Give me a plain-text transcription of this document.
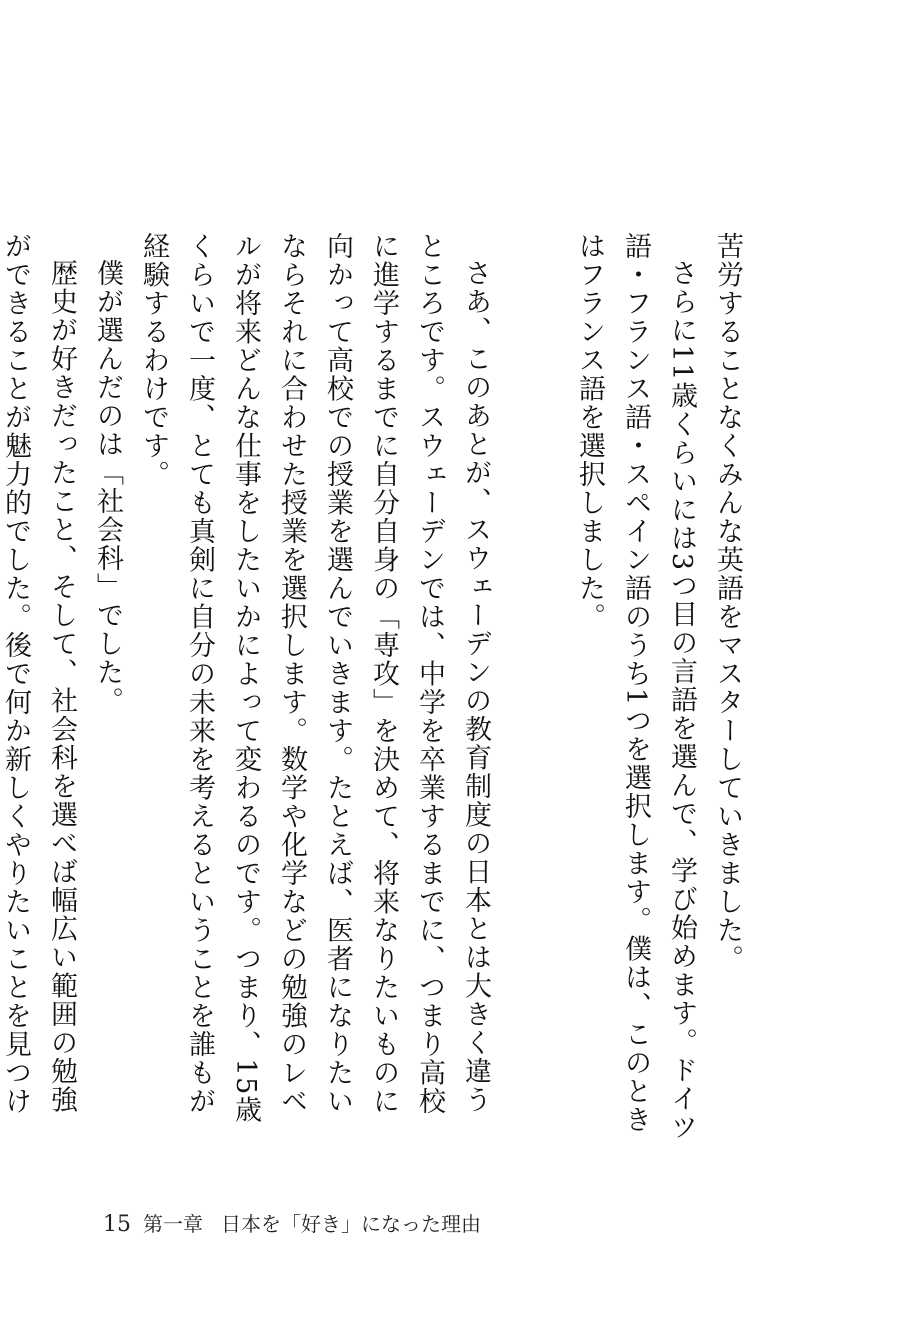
苦労することなくみんな英語をマスターしていきました。

さらに11歳くらいには3つ目の言語を選んで、学び始めます。ドイツ語・フランス語・スペイン語のうち1つを選択します。僕は、このときはフランス語を選択しました。

さあ、このあとが、スウェーデンの教育制度の日本とは大きく違うところです。スウェーデンでは、中学を卒業するまでに、つまり高校に進学するまでに自分自身の「専攻」を決めて、将来なりたいものに向かって高校での授業を選んでいきます。たとえば、医者になりたいならそれに合わせた授業を選択します。数学や化学などの勉強のレベルが将来どんな仕事をしたいかによって変わるのです。つまり、15歳くらいで一度、とても真剣に自分の未来を考えるということを誰もが経験するわけです。

僕が選んだのは「社会科」でした。

歴史が好きだったこと、そして、社会科を選べば幅広い範囲の勉強ができることが魅力的でした。後で何か新しくやりたいことを見つけ

15 第一章 日本を「好き」になった理由
